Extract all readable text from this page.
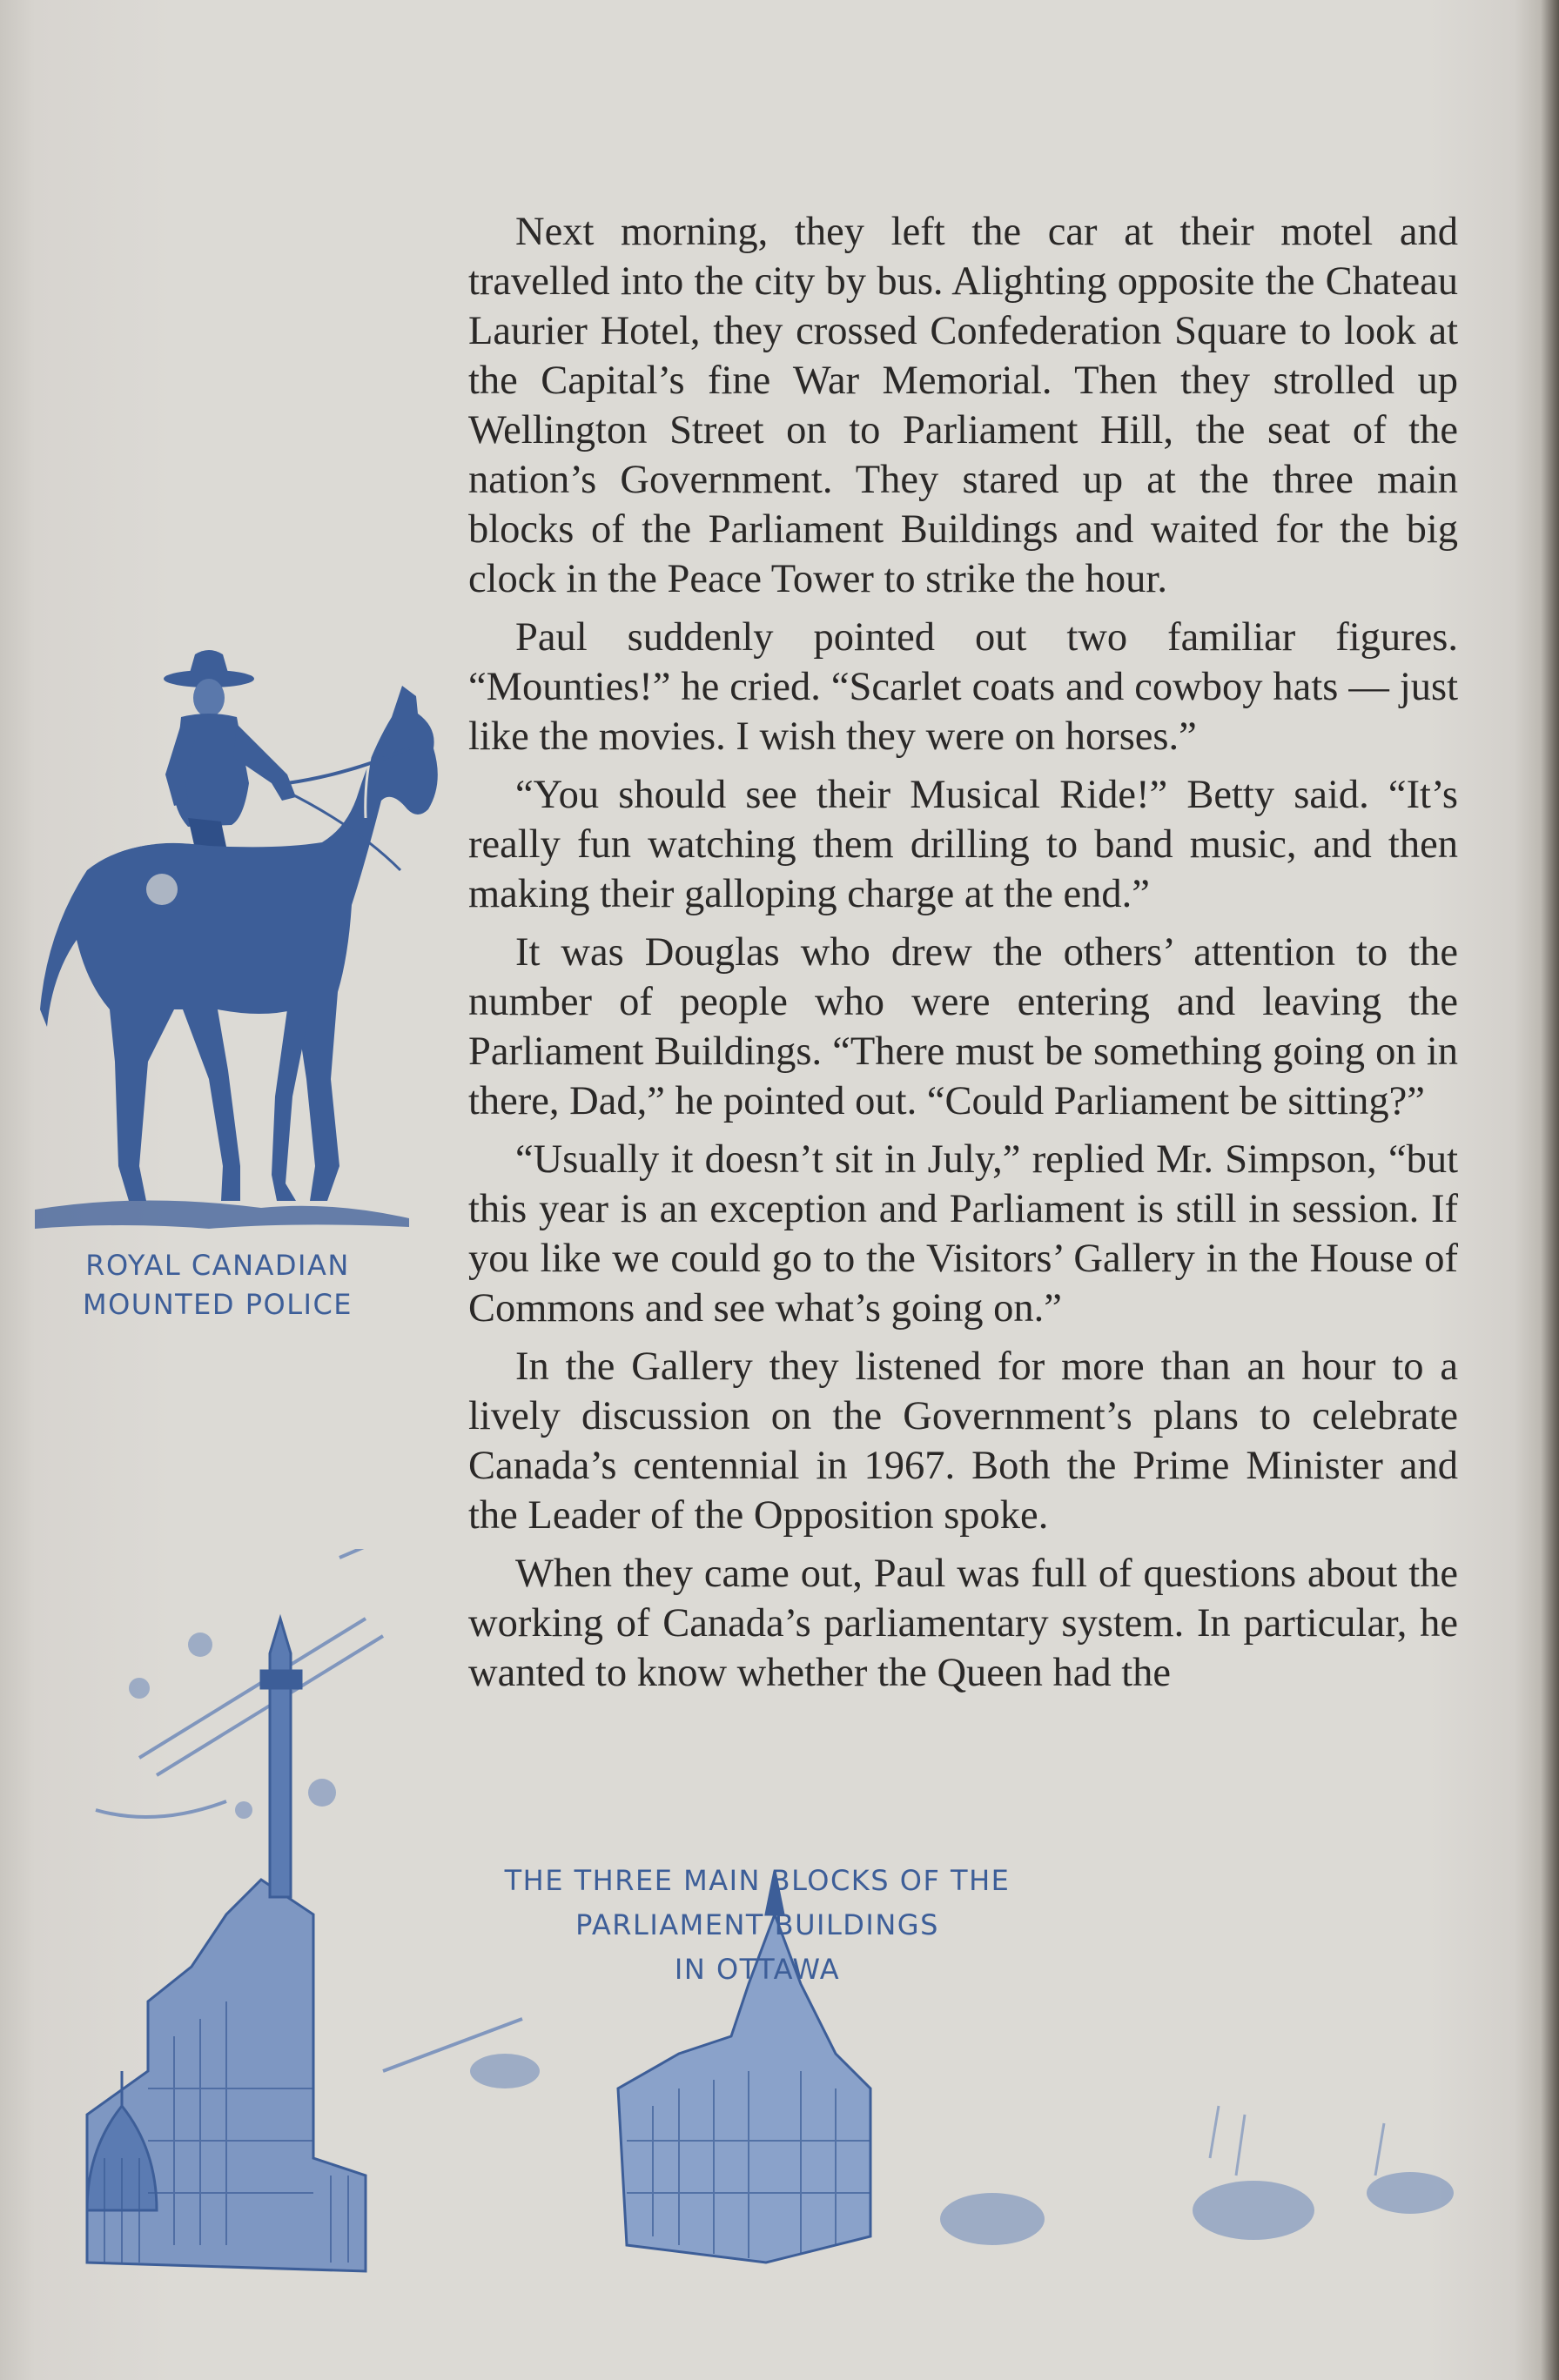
Next morning, they left the car at their motel and travelled into the city by bus. Alighting opposite the Chateau Laurier Hotel, they crossed Confederation Square to look at the Capital’s fine War Memorial. Then they strolled up Wellington Street on to Parliament Hill, the seat of the nation’s Government. They stared up at the three main blocks of the Parliament Buildings and waited for the big clock in the Peace Tower to strike the hour.

Paul suddenly pointed out two familiar figures. “Mounties!” he cried. “Scarlet coats and cowboy hats — just like the movies. I wish they were on horses.”

“You should see their Musical Ride!” Betty said. “It’s really fun watching them drilling to band music, and then making their galloping charge at the end.”

It was Douglas who drew the others’ attention to the number of people who were entering and leaving the Parliament Buildings. “There must be something going on in there, Dad,” he pointed out. “Could Parliament be sitting?”

“Usually it doesn’t sit in July,” replied Mr. Simpson, “but this year is an exception and Parliament is still in session. If you like we could go to the Visitors’ Gallery in the House of Commons and see what’s going on.”

In the Gallery they listened for more than an hour to a lively discussion on the Government’s plans to celebrate Canada’s centennial in 1967. Both the Prime Minister and the Leader of the Opposition spoke.

When they came out, Paul was full of questions about the working of Canada’s parliamentary system. In particular, he wanted to know whether the Queen had the

ROYAL CANADIAN
MOUNTED POLICE
THE THREE MAIN BLOCKS OF THE
PARLIAMENT BUILDINGS
IN OTTAWA
